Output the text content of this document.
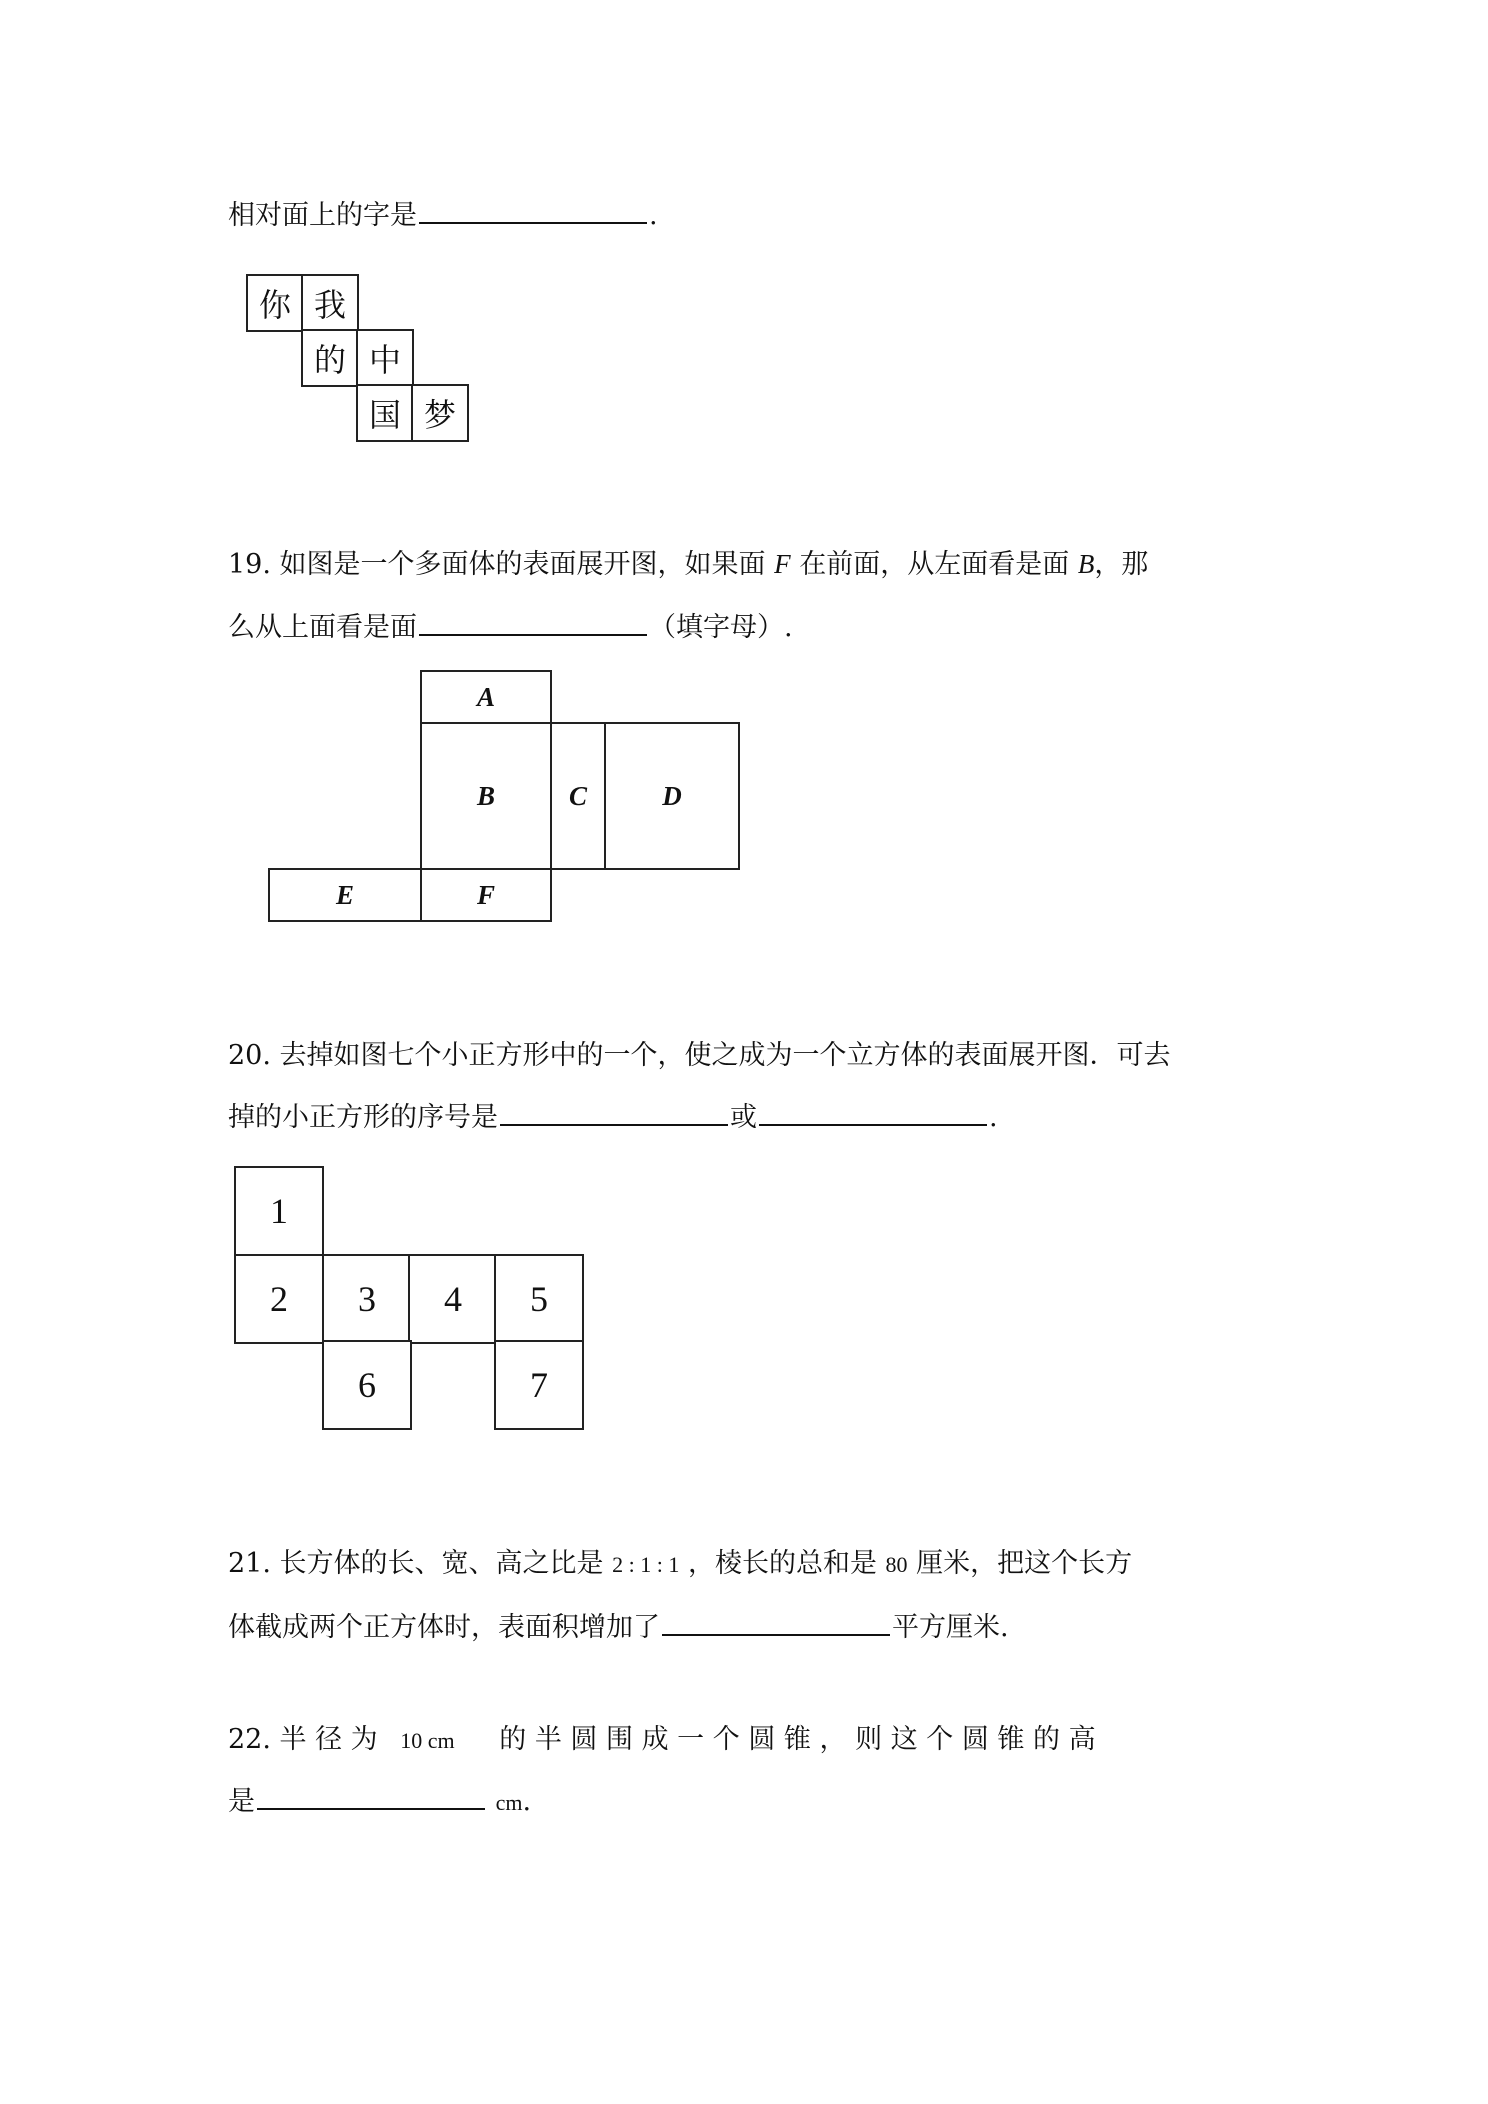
相对面上的字是	.
你 我
的 中
国 梦
19. 如图是一个多面体的表面展开图，如果面 F 在前面，从左面看是面 B，那
么从上面看是面	（填字母）.
A
B	C	D
E	F
20. 去掉如图七个小正方形中的一个，使之成为一个立方体的表面展开图．可去
掉的小正方形的序号是	或	.
1
2 3 4 5
6	7
21. 长方体的长、宽、高之比是 2 : 1 : 1 ，棱长的总和是 80 厘米，把这个长方
体截成两个正方体时，表面积增加了	平方厘米.
22. 半 径 为 10 cm 的 半 圆 围 成 一 个 圆 锥 ， 则 这 个 圆 锥 的 高
是	cm.
